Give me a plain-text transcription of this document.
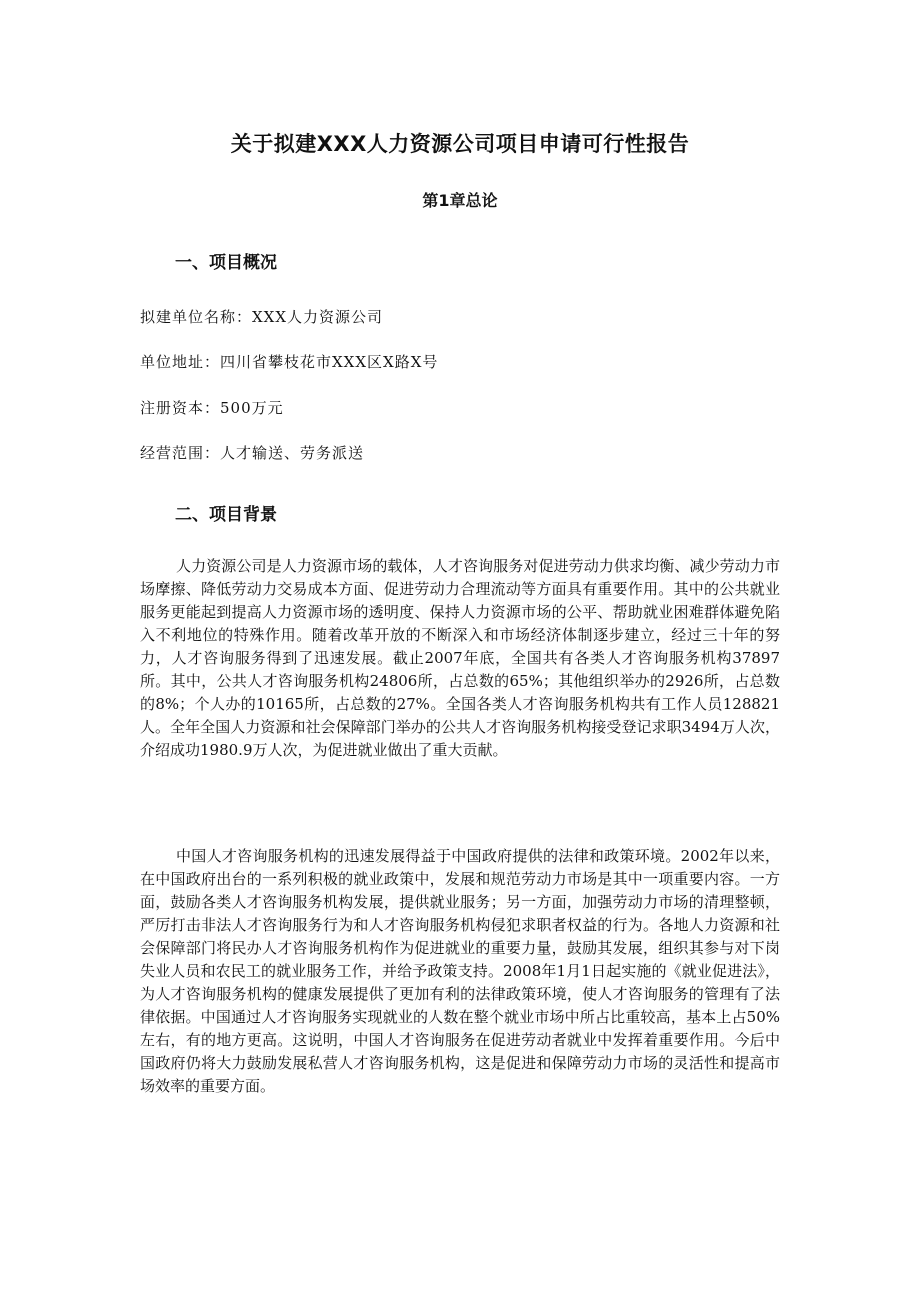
关于拟建XXX人力资源公司项目申请可行性报告
第1章总论
一、项目概况

拟建单位名称：XXX人力资源公司

单位地址：四川省攀枝花市XXX区X路X号

注册资本：500万元

经营范围：人才输送、劳务派送

二、项目背景

人力资源公司是人力资源市场的载体，人才咨询服务对促进劳动力供求均衡、减少劳动力市场摩擦、降低劳动力交易成本方面、促进劳动力合理流动等方面具有重要作用。其中的公共就业服务更能起到提高人力资源市场的透明度、保持人力资源市场的公平、帮助就业困难群体避免陷入不利地位的特殊作用。随着改革开放的不断深入和市场经济体制逐步建立，经过三十年的努力，人才咨询服务得到了迅速发展。截止2007年底，全国共有各类人才咨询服务机构37897所。其中，公共人才咨询服务机构24806所，占总数的65%；其他组织举办的2926所，占总数的8%；个人办的10165所，占总数的27%。全国各类人才咨询服务机构共有工作人员128821人。全年全国人力资源和社会保障部门举办的公共人才咨询服务机构接受登记求职3494万人次，介绍成功1980.9万人次，为促进就业做出了重大贡献。

中国人才咨询服务机构的迅速发展得益于中国政府提供的法律和政策环境。2002年以来，在中国政府出台的一系列积极的就业政策中，发展和规范劳动力市场是其中一项重要内容。一方面，鼓励各类人才咨询服务机构发展，提供就业服务；另一方面，加强劳动力市场的清理整顿，严厉打击非法人才咨询服务行为和人才咨询服务机构侵犯求职者权益的行为。各地人力资源和社会保障部门将民办人才咨询服务机构作为促进就业的重要力量，鼓励其发展，组织其参与对下岗失业人员和农民工的就业服务工作，并给予政策支持。2008年1月1日起实施的《就业促进法》，为人才咨询服务机构的健康发展提供了更加有利的法律政策环境，使人才咨询服务的管理有了法律依据。中国通过人才咨询服务实现就业的人数在整个就业市场中所占比重较高，基本上占50%左右，有的地方更高。这说明，中国人才咨询服务在促进劳动者就业中发挥着重要作用。今后中国政府仍将大力鼓励发展私营人才咨询服务机构，这是促进和保障劳动力市场的灵活性和提高市场效率的重要方面。
